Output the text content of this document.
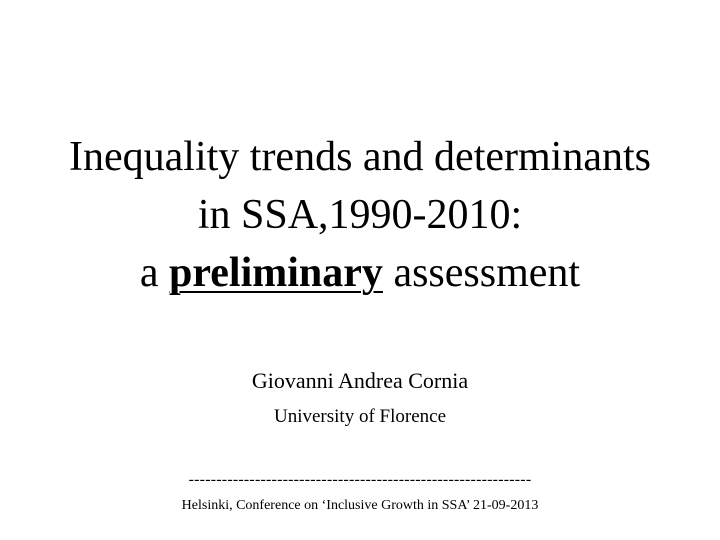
Inequality trends and determinants
in SSA,1990-2010:
a preliminary assessment

Giovanni Andrea Cornia

University of Florence

--------------------------------------------------------------

Helsinki, Conference on ‘Inclusive Growth in SSA’ 21-09-2013
